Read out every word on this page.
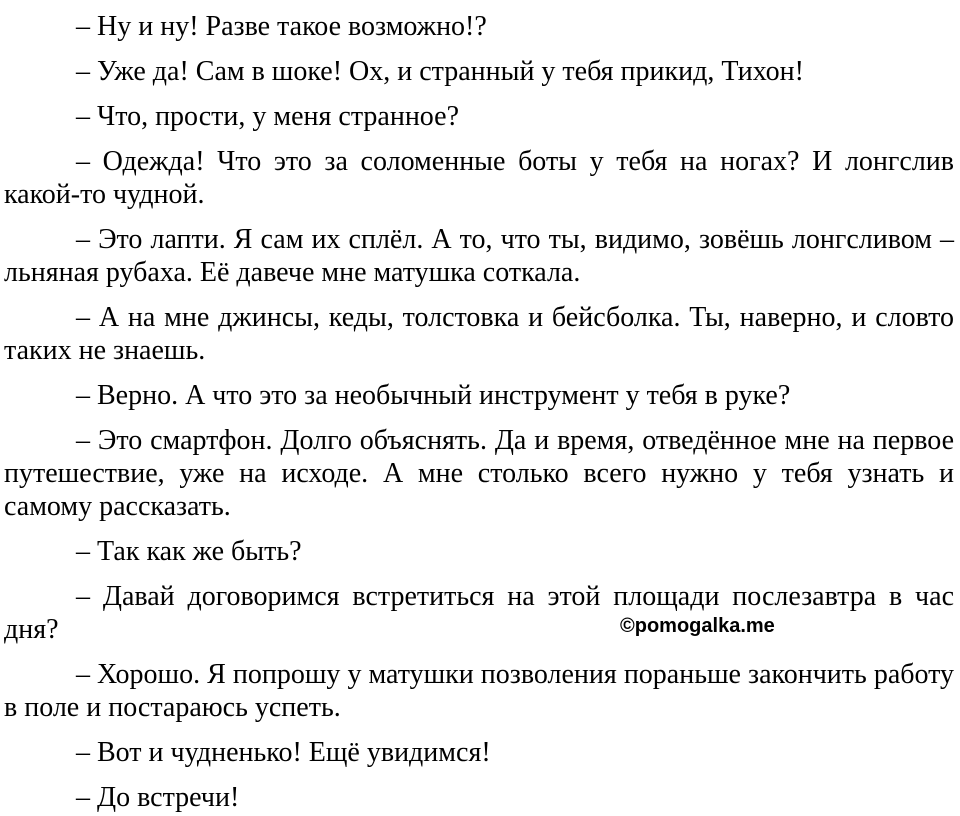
– Ну и ну! Разве такое возможно!?

– Уже да! Сам в шоке! Ох, и странный у тебя прикид, Тихон!

– Что, прости, у меня странное?

– Одежда! Что это за соломенные боты у тебя на ногах? И лонгслив какой-то чудной.

– Это лапти. Я сам их сплёл. А то, что ты, видимо, зовёшь лонгсливом – льняная рубаха. Её давече мне матушка соткала.

– А на мне джинсы, кеды, толстовка и бейсболка. Ты, наверно, и словто таких не знаешь.

– Верно. А что это за необычный инструмент у тебя в руке?

– Это смартфон. Долго объяснять. Да и время, отведённое мне на первое путешествие, уже на исходе. А мне столько всего нужно у тебя узнать и самому рассказать.

– Так как же быть?

– Давай договоримся встретиться на этой площади послезавтра в час дня?

– Хорошо. Я попрошу у матушки позволения пораньше закончить работу в поле и постараюсь успеть.

– Вот и чудненько! Ещё увидимся!

– До встречи!

©pomogalka.me
